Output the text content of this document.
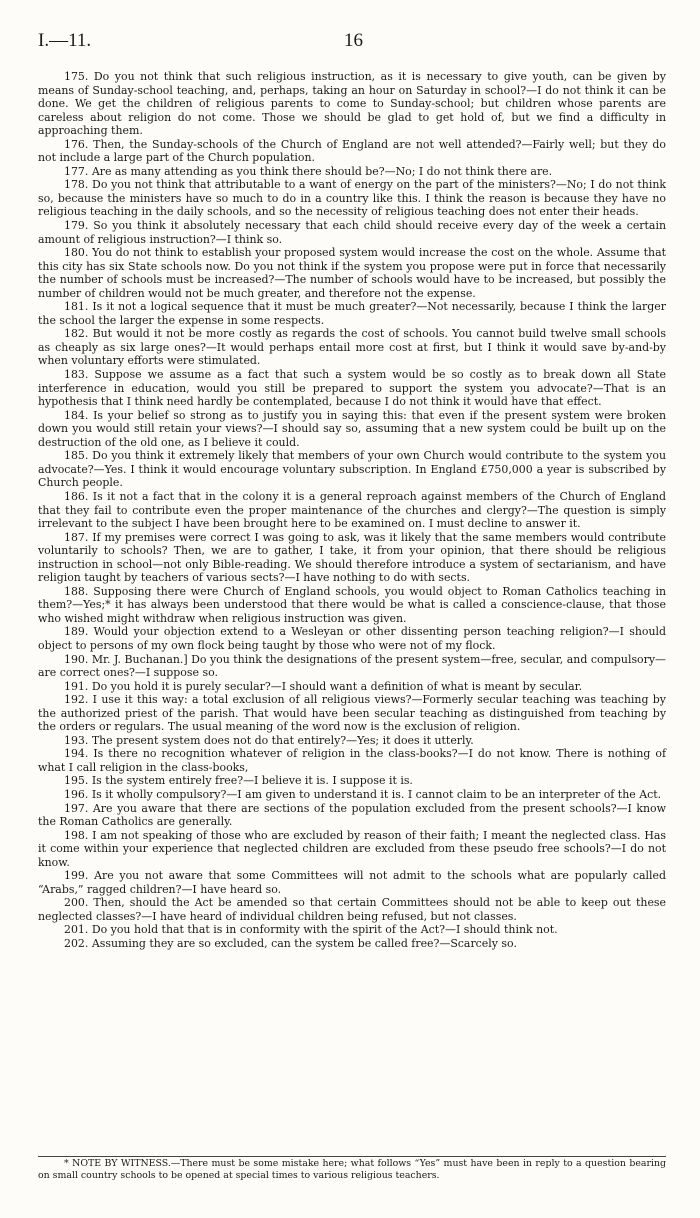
I.—11.	16

175. Do you not think that such religious instruction, as it is necessary to give youth, can be given by means of Sunday-school teaching, and, perhaps, taking an hour on Saturday in school?—I do not think it can be done. We get the children of religious parents to come to Sunday-school; but children whose parents are careless about religion do not come. Those we should be glad to get hold of, but we find a difficulty in approaching them.

176. Then, the Sunday-schools of the Church of England are not well attended?—Fairly well; but they do not include a large part of the Church population.

177. Are as many attending as you think there should be?—No; I do not think there are.

178. Do you not think that attributable to a want of energy on the part of the ministers?—No; I do not think so, because the ministers have so much to do in a country like this. I think the reason is because they have no religious teaching in the daily schools, and so the necessity of religious teaching does not enter their heads.

179. So you think it absolutely necessary that each child should receive every day of the week a certain amount of religious instruction?—I think so.

180. You do not think to establish your proposed system would increase the cost on the whole. Assume that this city has six State schools now. Do you not think if the system you propose were put in force that necessarily the number of schools must be increased?—The number of schools would have to be increased, but possibly the number of children would not be much greater, and therefore not the expense.

181. Is it not a logical sequence that it must be much greater?—Not necessarily, because I think the larger the school the larger the expense in some respects.

182. But would it not be more costly as regards the cost of schools. You cannot build twelve small schools as cheaply as six large ones?—It would perhaps entail more cost at first, but I think it would save by-and-by when voluntary efforts were stimulated.

183. Suppose we assume as a fact that such a system would be so costly as to break down all State interference in education, would you still be prepared to support the system you advocate?—That is an hypothesis that I think need hardly be contemplated, because I do not think it would have that effect.

184. Is your belief so strong as to justify you in saying this: that even if the present system were broken down you would still retain your views?—I should say so, assuming that a new system could be built up on the destruction of the old one, as I believe it could.

185. Do you think it extremely likely that members of your own Church would contribute to the system you advocate?—Yes. I think it would encourage voluntary subscription. In England £750,000 a year is subscribed by Church people.

186. Is it not a fact that in the colony it is a general reproach against members of the Church of England that they fail to contribute even the proper maintenance of the churches and clergy?—The question is simply irrelevant to the subject I have been brought here to be examined on. I must decline to answer it.

187. If my premises were correct I was going to ask, was it likely that the same members would contribute voluntarily to schools? Then, we are to gather, I take, it from your opinion, that there should be religious instruction in school—not only Bible-reading. We should therefore introduce a system of sectarianism, and have religion taught by teachers of various sects?—I have nothing to do with sects.

188. Supposing there were Church of England schools, you would object to Roman Catholics teaching in them?—Yes;* it has always been understood that there would be what is called a conscience-clause, that those who wished might withdraw when religious instruction was given.

189. Would your objection extend to a Wesleyan or other dissenting person teaching religion?—I should object to persons of my own flock being taught by those who were not of my flock.

190. Mr. J. Buchanan.] Do you think the designations of the present system—free, secular, and compulsory—are correct ones?—I suppose so.

191. Do you hold it is purely secular?—I should want a definition of what is meant by secular.

192. I use it this way: a total exclusion of all religious views?—Formerly secular teaching was teaching by the authorized priest of the parish. That would have been secular teaching as distinguished from teaching by the orders or regulars. The usual meaning of the word now is the exclusion of religion.

193. The present system does not do that entirely?—Yes; it does it utterly.

194. Is there no recognition whatever of religion in the class-books?—I do not know. There is nothing of what I call religion in the class-books,

195. Is the system entirely free?—I believe it is. I suppose it is.

196. Is it wholly compulsory?—I am given to understand it is. I cannot claim to be an interpreter of the Act.

197. Are you aware that there are sections of the population excluded from the present schools?—I know the Roman Catholics are generally.

198. I am not speaking of those who are excluded by reason of their faith; I meant the neglected class. Has it come within your experience that neglected children are excluded from these pseudo free schools?—I do not know.

199. Are you not aware that some Committees will not admit to the schools what are popularly called “Arabs,” ragged children?—I have heard so.

200. Then, should the Act be amended so that certain Committees should not be able to keep out these neglected classes?—I have heard of individual children being refused, but not classes.

201. Do you hold that that is in conformity with the spirit of the Act?—I should think not.

202. Assuming they are so excluded, can the system be called free?—Scarcely so.

* NOTE BY WITNESS.—There must be some mistake here; what follows “Yes” must have been in reply to a question bearing on small country schools to be opened at special times to various religious teachers.
